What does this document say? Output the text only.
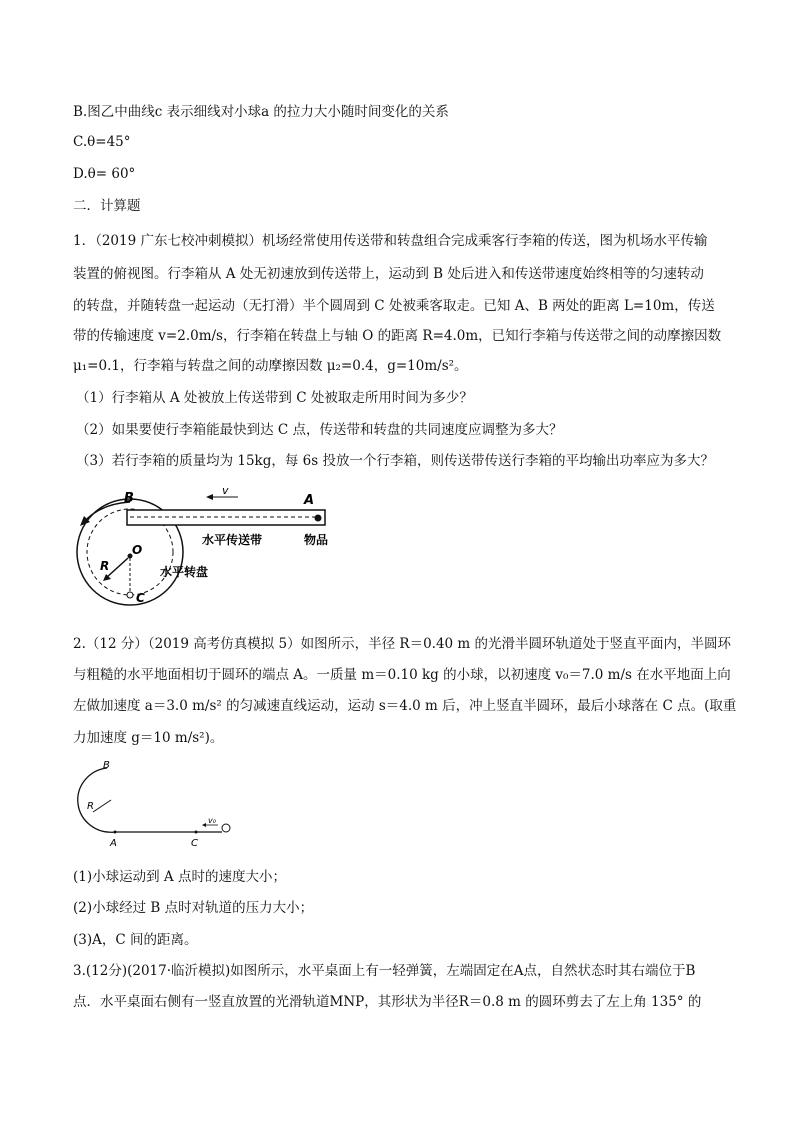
B.图乙中曲线c 表示细线对小球a 的拉力大小随时间变化的关系
C.θ=45°
D.θ= 60°
二．计算题
1．（2019 广东七校冲刺模拟）机场经常使用传送带和转盘组合完成乘客行李箱的传送，图为机场水平传输
装置的俯视图。行李箱从 A 处无初速放到传送带上，运动到 B 处后进入和传送带速度始终相等的匀速转动
的转盘，并随转盘一起运动（无打滑）半个圆周到 C 处被乘客取走。已知 A、B 两处的距离 L=10m，传送
带的传输速度 v=2.0m/s，行李箱在转盘上与轴 O 的距离 R=4.0m，已知行李箱与传送带之间的动摩擦因数
μ₁=0.1，行李箱与转盘之间的动摩擦因数 μ₂=0.4，g=10m/s²。
（1）行李箱从 A 处被放上传送带到 C 处被取走所用时间为多少？
（2）如果要使行李箱能最快到达 C 点，传送带和转盘的共同速度应调整为多大？
（3）若行李箱的质量均为 15kg，每 6s 投放一个行李箱，则传送带传送行李箱的平均输出功率应为多大？
B	A
v
O
R
C
水平传送带	物品
水平转盘
2.（12 分）（2019 高考仿真模拟 5）如图所示，半径 R＝0.40 m 的光滑半圆环轨道处于竖直平面内，半圆环
与粗糙的水平地面相切于圆环的端点 A。一质量 m＝0.10 kg 的小球，以初速度 v₀＝7.0 m/s 在水平地面上向
左做加速度 a＝3.0 m/s² 的匀减速直线运动，运动 s＝4.0 m 后，冲上竖直半圆环，最后小球落在 C 点。(取重
力加速度 g＝10 m/s²)。
B
R
A	C
v₀
(1)小球运动到 A 点时的速度大小；
(2)小球经过 B 点时对轨道的压力大小；
(3)A，C 间的距离。
3.(12分)(2017·临沂模拟)如图所示，水平桌面上有一轻弹簧，左端固定在A点，自然状态时其右端位于B
点．水平桌面右侧有一竖直放置的光滑轨道MNP，其形状为半径R＝0.8 m 的圆环剪去了左上角 135° 的
